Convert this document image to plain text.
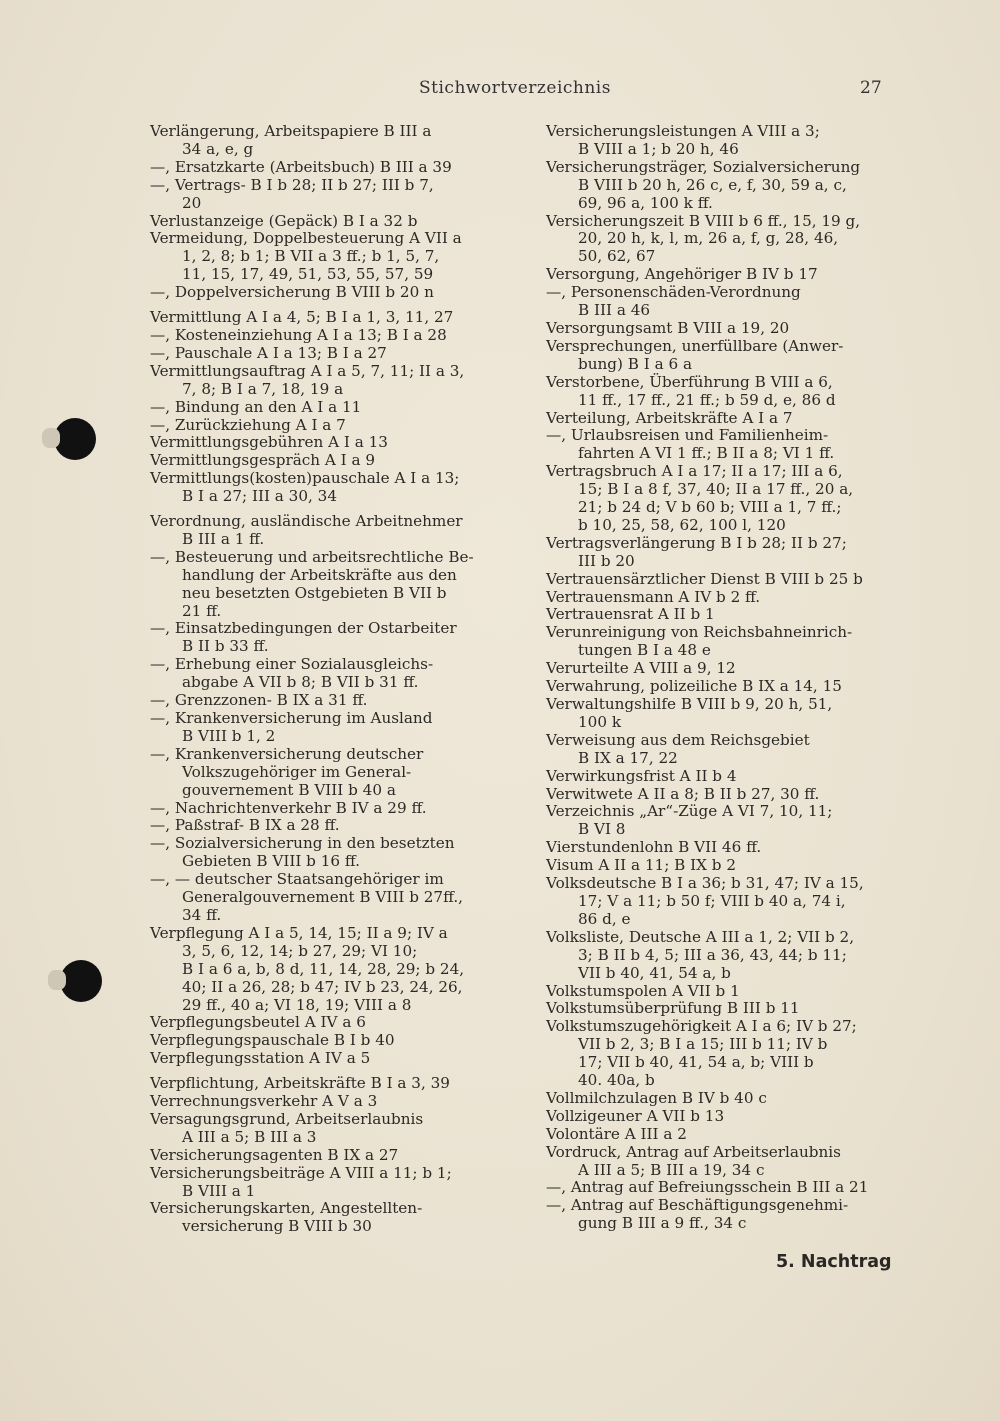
Stichwortverzeichnis	27
Verlängerung, Arbeitspapiere B III a
34 a, e, g
—, Ersatzkarte (Arbeitsbuch) B III a 39
—, Vertrags- B I b 28; II b 27; III b 7,
20
Verlustanzeige (Gepäck) B I a 32 b
Vermeidung, Doppelbesteuerung A VII a
1, 2, 8; b 1; B VII a 3 ff.; b 1, 5, 7,
11, 15, 17, 49, 51, 53, 55, 57, 59
—, Doppelversicherung B VIII b 20 n
Vermittlung A I a 4, 5; B I a 1, 3, 11, 27
—, Kosteneinziehung A I a 13; B I a 28
—, Pauschale A I a 13; B I a 27
Vermittlungsauftrag A I a 5, 7, 11; II a 3,
7, 8; B I a 7, 18, 19 a
—, Bindung an den A I a 11
—, Zurückziehung A I a 7
Vermittlungsgebühren A I a 13
Vermittlungsgespräch A I a 9
Vermittlungs(kosten)pauschale A I a 13;
B I a 27; III a 30, 34
Verordnung, ausländische Arbeitnehmer
B III a 1 ff.
—, Besteuerung und arbeitsrechtliche Be-
handlung der Arbeitskräfte aus den
neu besetzten Ostgebieten B VII b
21 ff.
—, Einsatzbedingungen der Ostarbeiter
B II b 33 ff.
—, Erhebung einer Sozialausgleichs-
abgabe A VII b 8; B VII b 31 ff.
—, Grenzzonen- B IX a 31 ff.
—, Krankenversicherung im Ausland
B VIII b 1, 2
—, Krankenversicherung deutscher
Volkszugehöriger im General-
gouvernement B VIII b 40 a
—, Nachrichtenverkehr B IV a 29 ff.
—, Paßstraf- B IX a 28 ff.
—, Sozialversicherung in den besetzten
Gebieten B VIII b 16 ff.
—, — deutscher Staatsangehöriger im
Generalgouvernement B VIII b 27ff.,
34 ff.
Verpflegung A I a 5, 14, 15; II a 9; IV a
3, 5, 6, 12, 14; b 27, 29; VI 10;
B I a 6 a, b, 8 d, 11, 14, 28, 29; b 24,
40; II a 26, 28; b 47; IV b 23, 24, 26,
29 ff., 40 a; VI 18, 19; VIII a 8
Verpflegungsbeutel A IV a 6
Verpflegungspauschale B I b 40
Verpflegungsstation A IV a 5
Verpflichtung, Arbeitskräfte B I a 3, 39
Verrechnungsverkehr A V a 3
Versagungsgrund, Arbeitserlaubnis
A III a 5; B III a 3
Versicherungsagenten B IX a 27
Versicherungsbeiträge A VIII a 11; b 1;
B VIII a 1
Versicherungskarten, Angestellten-
versicherung B VIII b 30
Versicherungsleistungen A VIII a 3;
B VIII a 1; b 20 h, 46
Versicherungsträger, Sozialversicherung
B VIII b 20 h, 26 c, e, f, 30, 59 a, c,
69, 96 a, 100 k ff.
Versicherungszeit B VIII b 6 ff., 15, 19 g,
20, 20 h, k, l, m, 26 a, f, g, 28, 46,
50, 62, 67
Versorgung, Angehöriger B IV b 17
—, Personenschäden-Verordnung
B III a 46
Versorgungsamt B VIII a 19, 20
Versprechungen, unerfüllbare (Anwer-
bung) B I a 6 a
Verstorbene, Überführung B VIII a 6,
11 ff., 17 ff., 21 ff.; b 59 d, e, 86 d
Verteilung, Arbeitskräfte A I a 7
—, Urlaubsreisen und Familienheim-
fahrten A VI 1 ff.; B II a 8; VI 1 ff.
Vertragsbruch A I a 17; II a 17; III a 6,
15; B I a 8 f, 37, 40; II a 17 ff., 20 a,
21; b 24 d; V b 60 b; VIII a 1, 7 ff.;
b 10, 25, 58, 62, 100 l, 120
Vertragsverlängerung B I b 28; II b 27;
III b 20
Vertrauensärztlicher Dienst B VIII b 25 b
Vertrauensmann A IV b 2 ff.
Vertrauensrat A II b 1
Verunreinigung von Reichsbahneinrich-
tungen B I a 48 e
Verurteilte A VIII a 9, 12
Verwahrung, polizeiliche B IX a 14, 15
Verwaltungshilfe B VIII b 9, 20 h, 51,
100 k
Verweisung aus dem Reichsgebiet
B IX a 17, 22
Verwirkungsfrist A II b 4
Verwitwete A II a 8; B II b 27, 30 ff.
Verzeichnis „Ar“-Züge A VI 7, 10, 11;
B VI 8
Vierstundenlohn B VII 46 ff.
Visum A II a 11; B IX b 2
Volksdeutsche B I a 36; b 31, 47; IV a 15,
17; V a 11; b 50 f; VIII b 40 a, 74 i,
86 d, e
Volksliste, Deutsche A III a 1, 2; VII b 2,
3; B II b 4, 5; III a 36, 43, 44; b 11;
VII b 40, 41, 54 a, b
Volkstumspolen A VII b 1
Volkstumsüberprüfung B III b 11
Volkstumszugehörigkeit A I a 6; IV b 27;
VII b 2, 3; B I a 15; III b 11; IV b
17; VII b 40, 41, 54 a, b; VIII b
40. 40a, b
Vollmilchzulagen B IV b 40 c
Vollzigeuner A VII b 13
Volontäre A III a 2
Vordruck, Antrag auf Arbeitserlaubnis
A III a 5; B III a 19, 34 c
—, Antrag auf Befreiungsschein B III a 21
—, Antrag auf Beschäftigungsgenehmi-
gung B III a 9 ff., 34 c
5. Nachtrag
